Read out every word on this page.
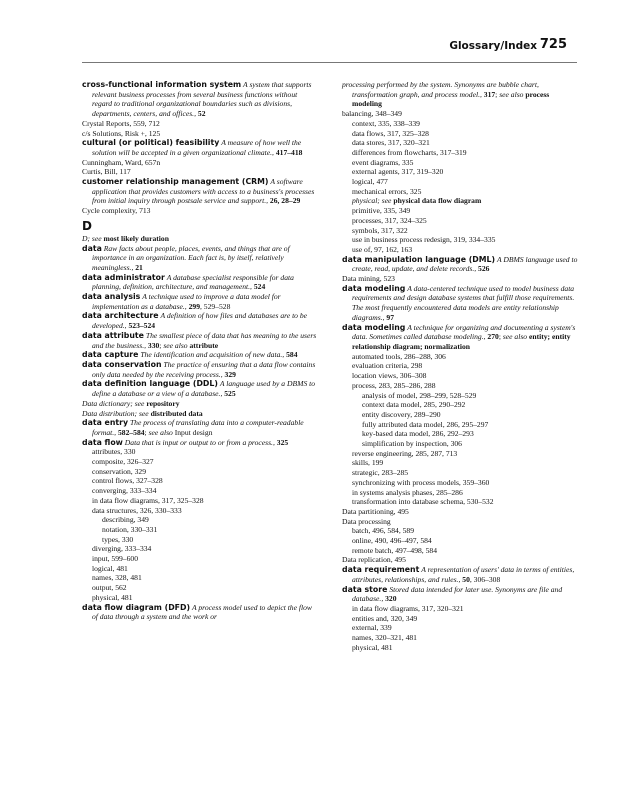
Glossary/Index 725

cross-functional information system A system that supports relevant business processes from several business functions without regard to traditional organizational boundaries such as divisions, departments, centers, and offices., 52

Crystal Reports, 559, 712

c/s Solutions, Risk +, 125

cultural (or political) feasibility A measure of how well the solution will be accepted in a given organizational climate., 417–418

Cunningham, Ward, 657n

Curtis, Bill, 117

customer relationship management (CRM) A software application that provides customers with access to a business's processes from initial inquiry through postsale service and support., 26, 28–29

Cycle complexity, 713

D

D; see most likely duration

data Raw facts about people, places, events, and things that are of importance in an organization. Each fact is, by itself, relatively meaningless., 21

data administrator A database specialist responsible for data planning, definition, architecture, and management., 524

data analysis A technique used to improve a data model for implementation as a database., 299, 529–528

data architecture A definition of how files and databases are to be developed., 523–524

data attribute The smallest piece of data that has meaning to the users and the business., 330; see also attribute

data capture The identification and acquisition of new data., 584

data conservation The practice of ensuring that a data flow contains only data needed by the receiving process., 329

data definition language (DDL) A language used by a DBMS to define a database or a view of a database., 525

Data dictionary; see repository

Data distribution; see distributed data

data entry The process of translating data into a computer-readable format., 582–584; see also Input design

data flow Data that is input or output to or from a process., 325

attributes, 330

composite, 326–327

conservation, 329

control flows, 327–328

converging, 333–334

in data flow diagrams, 317, 325–328

data structures, 326, 330–333

describing, 349

notation, 330–331

types, 330

diverging, 333–334

input, 599–600

logical, 481

names, 328, 481

output, 562

physical, 481

data flow diagram (DFD) A process model used to depict the flow of data through a system and the work or

processing performed by the system. Synonyms are bubble chart, transformation graph, and process model., 317; see also process modeling

balancing, 348–349

context, 335, 338–339

data flows, 317, 325–328

data stores, 317, 320–321

differences from flowcharts, 317–319

event diagrams, 335

external agents, 317, 319–320

logical, 477

mechanical errors, 325

physical; see physical data flow diagram

primitive, 335, 349

processes, 317, 324–325

symbols, 317, 322

use in business process redesign, 319, 334–335

use of, 97, 162, 163

data manipulation language (DML) A DBMS language used to create, read, update, and delete records., 526

Data mining, 523

data modeling A data-centered technique used to model business data requirements and design database systems that fulfill those requirements. The most frequently encountered data models are entity relationship diagrams., 97

data modeling A technique for organizing and documenting a system's data. Sometimes called database modeling., 270; see also entity; entity relationship diagram; normalization

automated tools, 286–288, 306

evaluation criteria, 298

location views, 306–308

process, 283, 285–286, 288

analysis of model, 298–299, 528–529

context data model, 285, 290–292

entity discovery, 289–290

fully attributed data model, 286, 295–297

key-based data model, 286, 292–293

simplification by inspection, 306

reverse engineering, 285, 287, 713

skills, 199

strategic, 283–285

synchronizing with process models, 359–360

in systems analysis phases, 285–286

transformation into database schema, 530–532

Data partitioning, 495

Data processing

batch, 496, 584, 589

online, 490, 496–497, 584

remote batch, 497–498, 584

Data replication, 495

data requirement A representation of users' data in terms of entities, attributes, relationships, and rules., 50, 306–308

data store Stored data intended for later use. Synonyms are file and database., 320

in data flow diagrams, 317, 320–321

entities and, 320, 349

external, 339

names, 320–321, 481

physical, 481
